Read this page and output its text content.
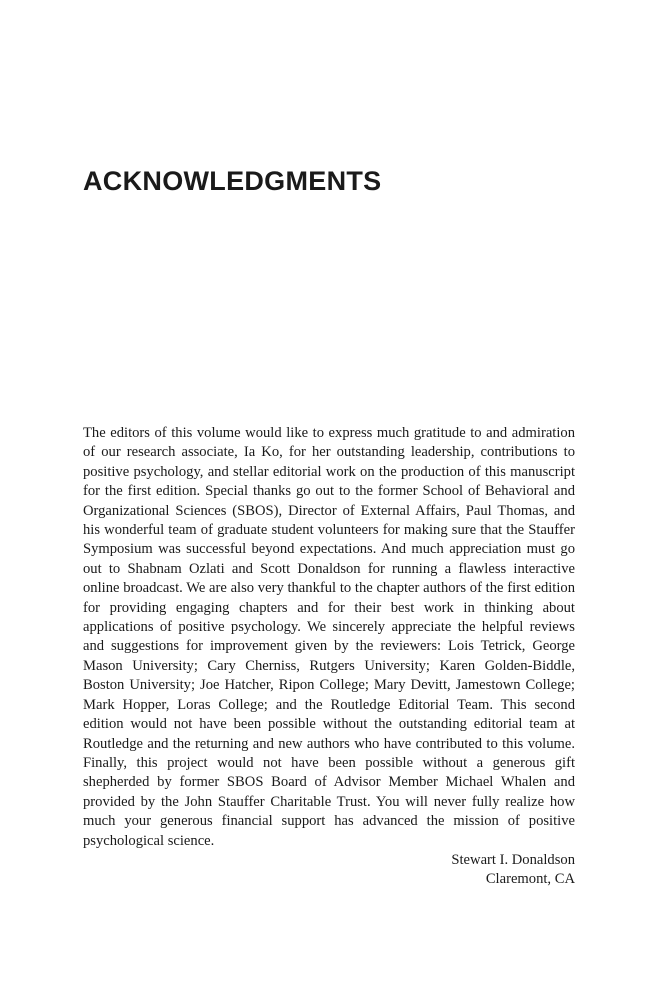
ACKNOWLEDGMENTS

The editors of this volume would like to express much gratitude to and admiration of our research associate, Ia Ko, for her outstanding leadership, contributions to positive psychology, and stellar editorial work on the production of this manuscript for the first edition. Special thanks go out to the former School of Behavioral and Organizational Sciences (SBOS), Director of External Affairs, Paul Thomas, and his wonderful team of graduate student volunteers for making sure that the Stauffer Symposium was successful beyond expectations. And much appreciation must go out to Shabnam Ozlati and Scott Donaldson for running a flawless interactive online broadcast. We are also very thankful to the chapter authors of the first edition for providing engaging chapters and for their best work in thinking about applications of positive psychology. We sincerely appreciate the helpful reviews and suggestions for improvement given by the reviewers: Lois Tetrick, George Mason University; Cary Cherniss, Rutgers University; Karen Golden-Biddle, Boston University; Joe Hatcher, Ripon College; Mary Devitt, Jamestown College; Mark Hopper, Loras College; and the Routledge Editorial Team. This second edition would not have been possible without the outstanding editorial team at Routledge and the returning and new authors who have contributed to this volume. Finally, this project would not have been possible without a generous gift shepherded by former SBOS Board of Advisor Member Michael Whalen and provided by the John Stauffer Charitable Trust. You will never fully realize how much your generous financial support has advanced the mission of positive psychological science.

Stewart I. Donaldson
Claremont, CA
